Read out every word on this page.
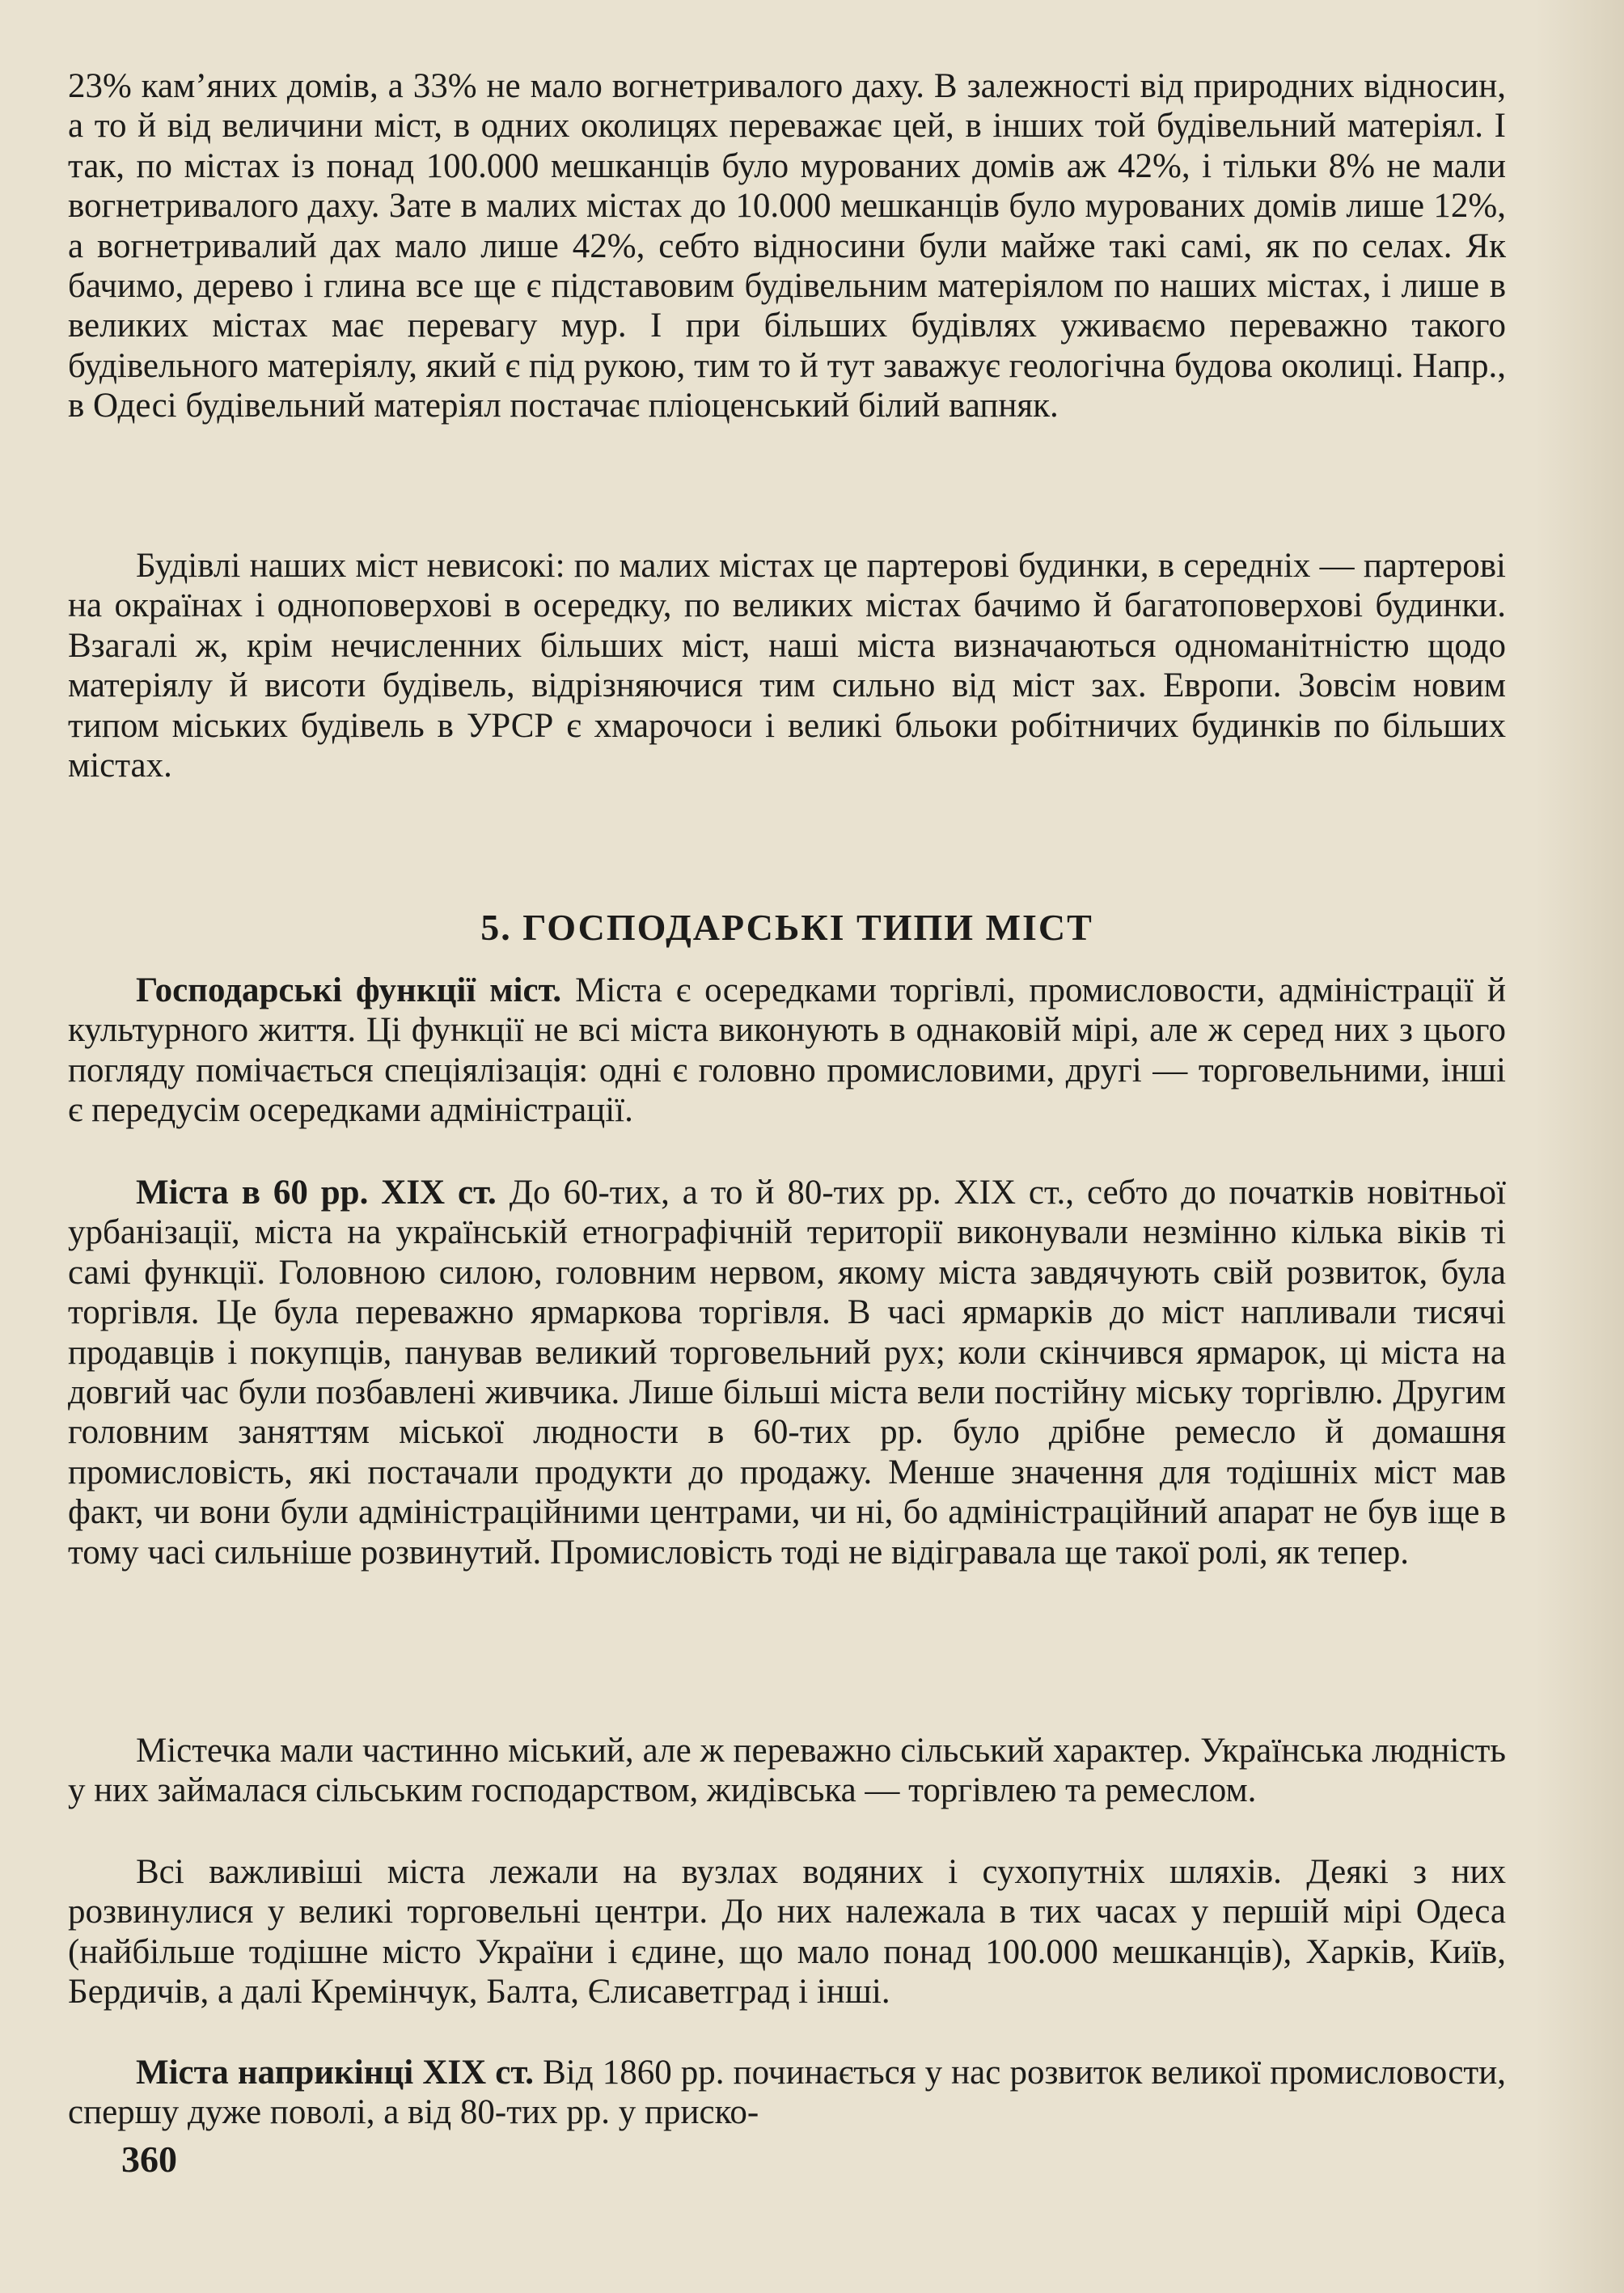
23% кам’яних домів, а 33% не мало вогнетривалого даху. В залежності від природних відносин, а то й від величини міст, в одних околицях переважає цей, в інших той будівельний матеріял. І так, по містах із понад 100.000 мешканців було мурованих домів аж 42%, і тільки 8% не мали вогнетривалого даху. Зате в малих містах до 10.000 мешканців було мурованих домів лише 12%, а вогнетривалий дах мало лише 42%, себто відносини були майже такі самі, як по селах. Як бачимо, дерево і глина все ще є підставовим будівельним матеріялом по наших містах, і лише в великих містах має перевагу мур. І при більших будівлях уживаємо переважно такого будівельного матеріялу, який є під рукою, тим то й тут заважує геологічна будова околиці. Напр., в Одесі будівельний матеріял постачає пліоценський білий вапняк.

Будівлі наших міст невисокі: по малих містах це партерові будинки, в середніх — партерові на окраїнах і одноповерхові в осередку, по великих містах бачимо й багатоповерхові будинки. Взагалі ж, крім нечисленних більших міст, наші міста визначаються одноманітністю щодо матеріялу й висоти будівель, відрізняючися тим сильно від міст зах. Европи. Зовсім новим типом міських будівель в УРСР є хмарочоси і великі бльоки робітничих будинків по більших містах.

5. ГОСПОДАРСЬКІ ТИПИ МІСТ

Господарські функції міст. Міста є осередками торгівлі, промисловости, адміністрації й культурного життя. Ці функції не всі міста виконують в однаковій мірі, але ж серед них з цього погляду помічається спеціялізація: одні є головно промисловими, другі — торговельними, інші є передусім осередками адміністрації.

Міста в 60 рр. XIX ст. До 60-тих, а то й 80-тих рр. XIX ст., себто до початків новітньої урбанізації, міста на українській етнографічній території виконували незмінно кілька віків ті самі функції. Головною силою, головним нервом, якому міста завдячують свій розвиток, була торгівля. Це була переважно ярмаркова торгівля. В часі ярмарків до міст напливали тисячі продавців і покупців, панував великий торговельний рух; коли скінчився ярмарок, ці міста на довгий час були позбавлені живчика. Лише більші міста вели постійну міську торгівлю. Другим головним заняттям міської людности в 60-тих рр. було дрібне ремесло й домашня промисловість, які постачали продукти до продажу. Менше значення для тодішніх міст мав факт, чи вони були адміністраційними центрами, чи ні, бо адміністраційний апарат не був іще в тому часі сильніше розвинутий. Промисловість тоді не відігравала ще такої ролі, як тепер.

Містечка мали частинно міський, але ж переважно сільський характер. Українська людність у них займалася сільським господарством, жидівська — торгівлею та ремеслом.

Всі важливіші міста лежали на вузлах водяних і сухопутніх шляхів. Деякі з них розвинулися у великі торговельні центри. До них належала в тих часах у першій мірі Одеса (найбільше тодішне місто України і єдине, що мало понад 100.000 мешканців), Харків, Київ, Бердичів, а далі Кремінчук, Балта, Єлисаветград і інші.

Міста наприкінці XIX ст. Від 1860 рр. починається у нас розвиток великої промисловости, спершу дуже поволі, а від 80-тих рр. у приско-

360
